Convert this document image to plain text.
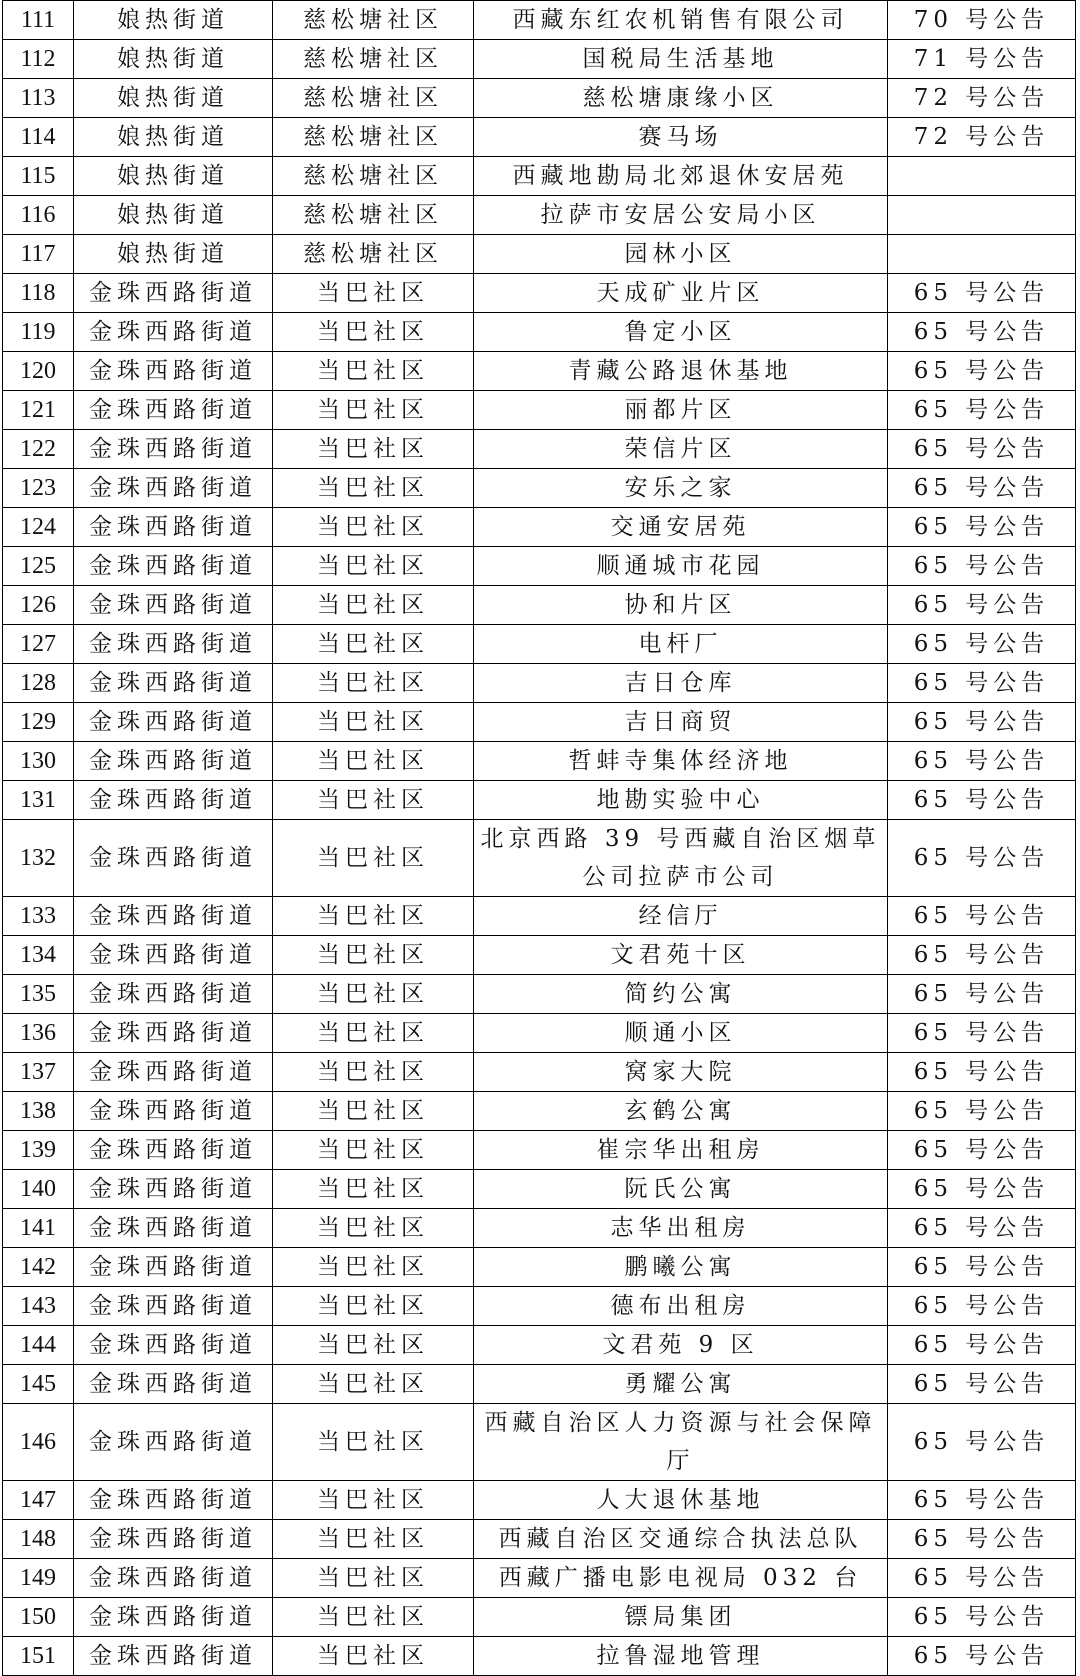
111	娘热街道	慈松塘社区	西藏东红农机销售有限公司	70 号公告
112	娘热街道	慈松塘社区	国税局生活基地	71 号公告
113	娘热街道	慈松塘社区	慈松塘康缘小区	72 号公告
114	娘热街道	慈松塘社区	赛马场	72 号公告
115	娘热街道	慈松塘社区	西藏地勘局北郊退休安居苑	
116	娘热街道	慈松塘社区	拉萨市安居公安局小区	
117	娘热街道	慈松塘社区	园林小区	
118	金珠西路街道	当巴社区	天成矿业片区	65 号公告
119	金珠西路街道	当巴社区	鲁定小区	65 号公告
120	金珠西路街道	当巴社区	青藏公路退休基地	65 号公告
121	金珠西路街道	当巴社区	丽都片区	65 号公告
122	金珠西路街道	当巴社区	荣信片区	65 号公告
123	金珠西路街道	当巴社区	安乐之家	65 号公告
124	金珠西路街道	当巴社区	交通安居苑	65 号公告
125	金珠西路街道	当巴社区	顺通城市花园	65 号公告
126	金珠西路街道	当巴社区	协和片区	65 号公告
127	金珠西路街道	当巴社区	电杆厂	65 号公告
128	金珠西路街道	当巴社区	吉日仓库	65 号公告
129	金珠西路街道	当巴社区	吉日商贸	65 号公告
130	金珠西路街道	当巴社区	哲蚌寺集体经济地	65 号公告
131	金珠西路街道	当巴社区	地勘实验中心	65 号公告
132	金珠西路街道	当巴社区	北京西路 39 号西藏自治区烟草公司拉萨市公司	65 号公告
133	金珠西路街道	当巴社区	经信厅	65 号公告
134	金珠西路街道	当巴社区	文君苑十区	65 号公告
135	金珠西路街道	当巴社区	简约公寓	65 号公告
136	金珠西路街道	当巴社区	顺通小区	65 号公告
137	金珠西路街道	当巴社区	窝家大院	65 号公告
138	金珠西路街道	当巴社区	玄鹤公寓	65 号公告
139	金珠西路街道	当巴社区	崔宗华出租房	65 号公告
140	金珠西路街道	当巴社区	阮氏公寓	65 号公告
141	金珠西路街道	当巴社区	志华出租房	65 号公告
142	金珠西路街道	当巴社区	鹏曦公寓	65 号公告
143	金珠西路街道	当巴社区	德布出租房	65 号公告
144	金珠西路街道	当巴社区	文君苑 9 区	65 号公告
145	金珠西路街道	当巴社区	勇耀公寓	65 号公告
146	金珠西路街道	当巴社区	西藏自治区人力资源与社会保障厅	65 号公告
147	金珠西路街道	当巴社区	人大退休基地	65 号公告
148	金珠西路街道	当巴社区	西藏自治区交通综合执法总队	65 号公告
149	金珠西路街道	当巴社区	西藏广播电影电视局 032 台	65 号公告
150	金珠西路街道	当巴社区	镖局集团	65 号公告
151	金珠西路街道	当巴社区	拉鲁湿地管理	65 号公告
